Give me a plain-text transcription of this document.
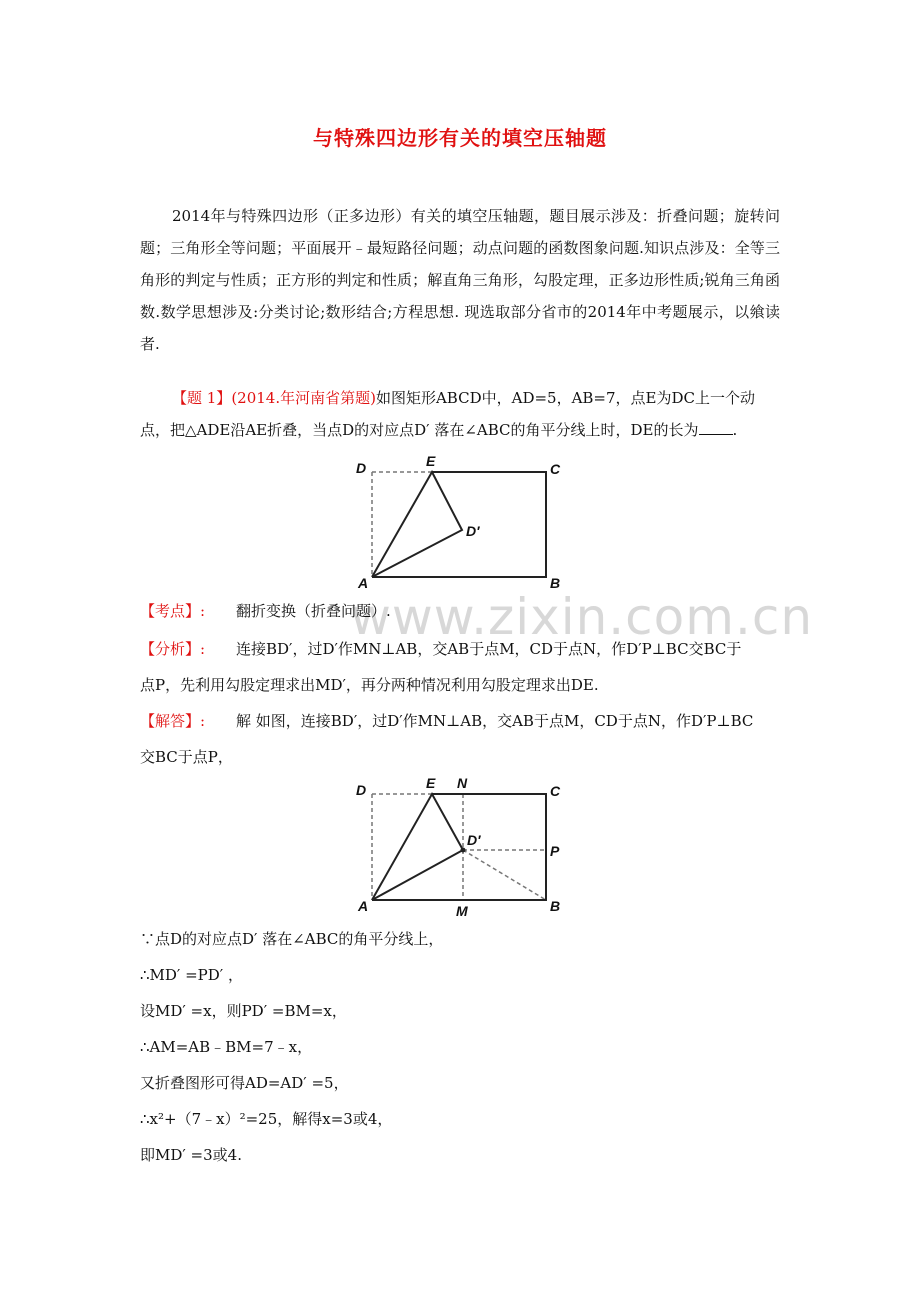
与特殊四边形有关的填空压轴题
2014年与特殊四边形（正多边形）有关的填空压轴题，题目展示涉及：折叠问题；旋转问题；三角形全等问题；平面展开﹣最短路径问题；动点问题的函数图象问题.知识点涉及：全等三角形的判定与性质；正方形的判定和性质；解直角三角形，勾股定理，正多边形性质;锐角三角函数.数学思想涉及:分类讨论;数形结合;方程思想. 现选取部分省市的2014年中考题展示，以飨读者.
【题 1】(2014.年河南省第题)如图矩形ABCD中，AD=5，AB=7，点E为DC上一个动点，把△ADE沿AE折叠，当点D的对应点D′ 落在∠ABC的角平分线上时，DE的长为 .
D	E	C
D′
A	B
www.zixin.com.cn
【考点】: 翻折变换（折叠问题）.
【分析】: 连接BD′，过D′作MN⊥AB，交AB于点M，CD于点N，作D′P⊥BC交BC于
点P，先利用勾股定理求出MD′，再分两种情况利用勾股定理求出DE.
【解答】: 解 如图，连接BD′，过D′作MN⊥AB，交AB于点M，CD于点N，作D′P⊥BC
交BC于点P，
D	E N	C
D′
P
A	M	B
∵点D的对应点D′ 落在∠ABC的角平分线上，
∴MD′ =PD′ ，
设MD′ =x，则PD′ =BM=x，
∴AM=AB﹣BM=7﹣x，
又折叠图形可得AD=AD′ =5，
∴x²+（7﹣x）²=25，解得x=3或4，
即MD′ =3或4.
